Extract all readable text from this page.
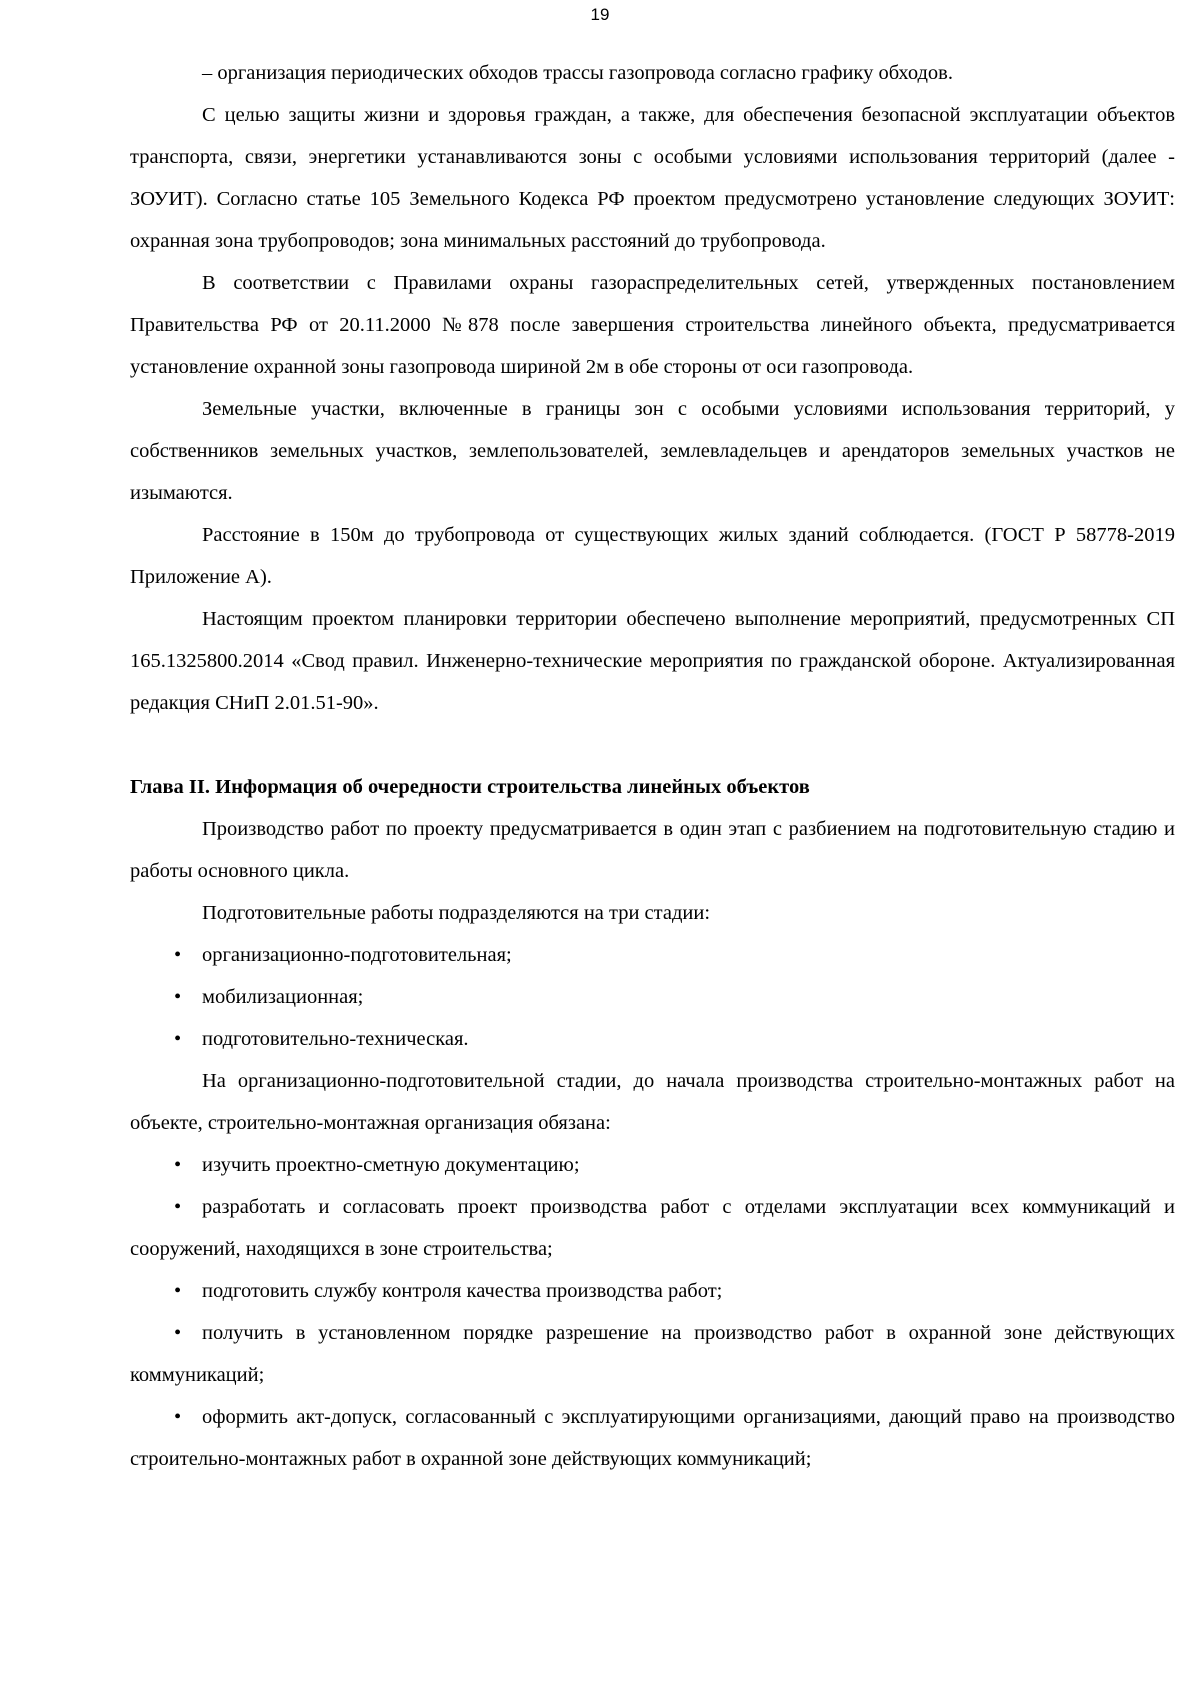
19

– организация периодических обходов трассы газопровода согласно графику обходов.

С целью защиты жизни и здоровья граждан, а также, для обеспечения безопасной эксплуатации объектов транспорта, связи, энергетики устанавливаются зоны с особыми условиями использования территорий (далее - ЗОУИТ). Согласно статье 105 Земельного Кодекса РФ проектом предусмотрено установление следующих ЗОУИТ: охранная зона трубопроводов; зона минимальных расстояний до трубопровода.

В соответствии с Правилами охраны газораспределительных сетей, утвержденных постановлением Правительства РФ от 20.11.2000 №878 после завершения строительства линейного объекта, предусматривается установление охранной зоны газопровода шириной 2м в обе стороны от оси газопровода.

Земельные участки, включенные в границы зон с особыми условиями использования территорий, у собственников земельных участков, землепользователей, землевладельцев и арендаторов земельных участков не изымаются.

Расстояние в 150м до трубопровода от существующих жилых зданий соблюдается. (ГОСТ Р 58778-2019 Приложение А).

Настоящим проектом планировки территории обеспечено выполнение мероприятий, предусмотренных СП 165.1325800.2014 «Свод правил. Инженерно-технические мероприятия по гражданской обороне. Актуализированная редакция СНиП 2.01.51-90».

Глава II. Информация об очередности строительства линейных объектов

Производство работ по проекту предусматривается в один этап с разбиением на подготовительную стадию и работы основного цикла.

Подготовительные работы подразделяются на три стадии:

• организационно-подготовительная;
• мобилизационная;
• подготовительно-техническая.

На организационно-подготовительной стадии, до начала производства строительно-монтажных работ на объекте, строительно-монтажная организация обязана:

• изучить проектно-сметную документацию;
• разработать и согласовать проект производства работ с отделами эксплуатации всех коммуникаций и сооружений, находящихся в зоне строительства;
• подготовить службу контроля качества производства работ;
• получить в установленном порядке разрешение на производство работ в охранной зоне действующих коммуникаций;
• оформить акт-допуск, согласованный с эксплуатирующими организациями, дающий право на производство строительно-монтажных работ в охранной зоне действующих коммуникаций;
